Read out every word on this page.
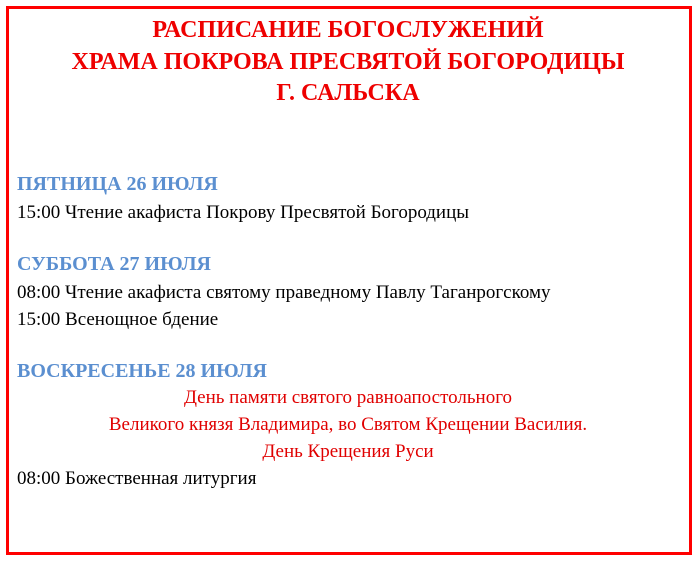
РАСПИСАНИЕ БОГОСЛУЖЕНИЙ
ХРАМА ПОКРОВА ПРЕСВЯТОЙ БОГОРОДИЦЫ
Г. САЛЬСКА

ПЯТНИЦА 26 ИЮЛЯ

15:00 Чтение акафиста Покрову Пресвятой Богородицы

СУББОТА 27 ИЮЛЯ

08:00 Чтение акафиста святому праведному Павлу Таганрогскому

15:00 Всенощное бдение

ВОСКРЕСЕНЬЕ 28 ИЮЛЯ

День памяти святого равноапостольного

Великого князя Владимира, во Святом Крещении Василия.

День Крещения Руси

08:00 Божественная литургия
